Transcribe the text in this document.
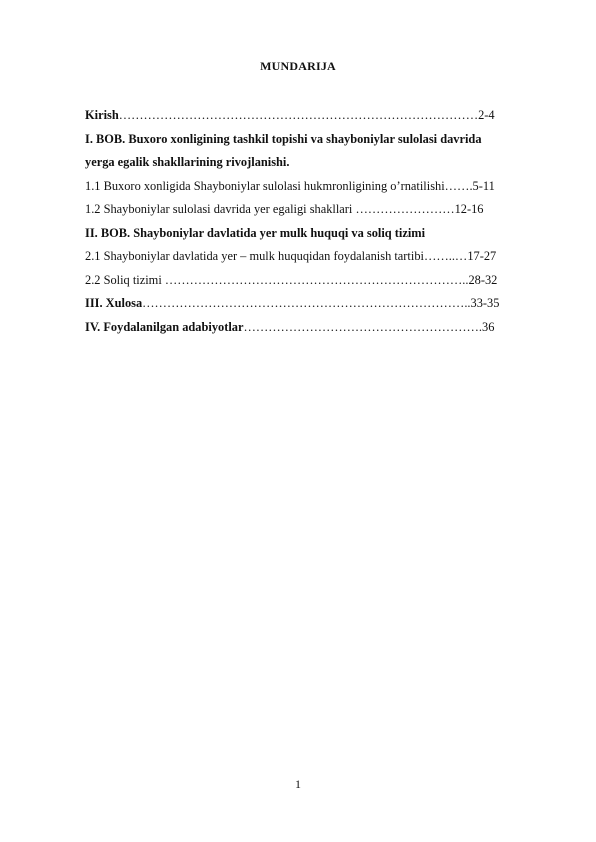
MUNDARIJA
Kirish……………………………………………………………………………2-4
I. BOB. Buxoro xonligining tashkil topishi va shayboniylar sulolasi davrida
yerga egalik shakllarining rivojlanishi.
1.1 Buxoro xonligida Shayboniylar sulolasi hukmronligining o’rnatilishi…….5-11
1.2 Shayboniylar sulolasi davrida yer egaligi shakllari ……………………12-16
II. BOB. Shayboniylar davlatida yer mulk huquqi va soliq tizimi
2.1 Shayboniylar davlatida yer – mulk huquqidan foydalanish tartibi……..…17-27
2.2 Soliq tizimi ………………………………………………………………..28-32
III. Xulosa……………………………………………………………………..33-35
IV. Foydalanilgan adabiyotlar………………………………………………….36
1
